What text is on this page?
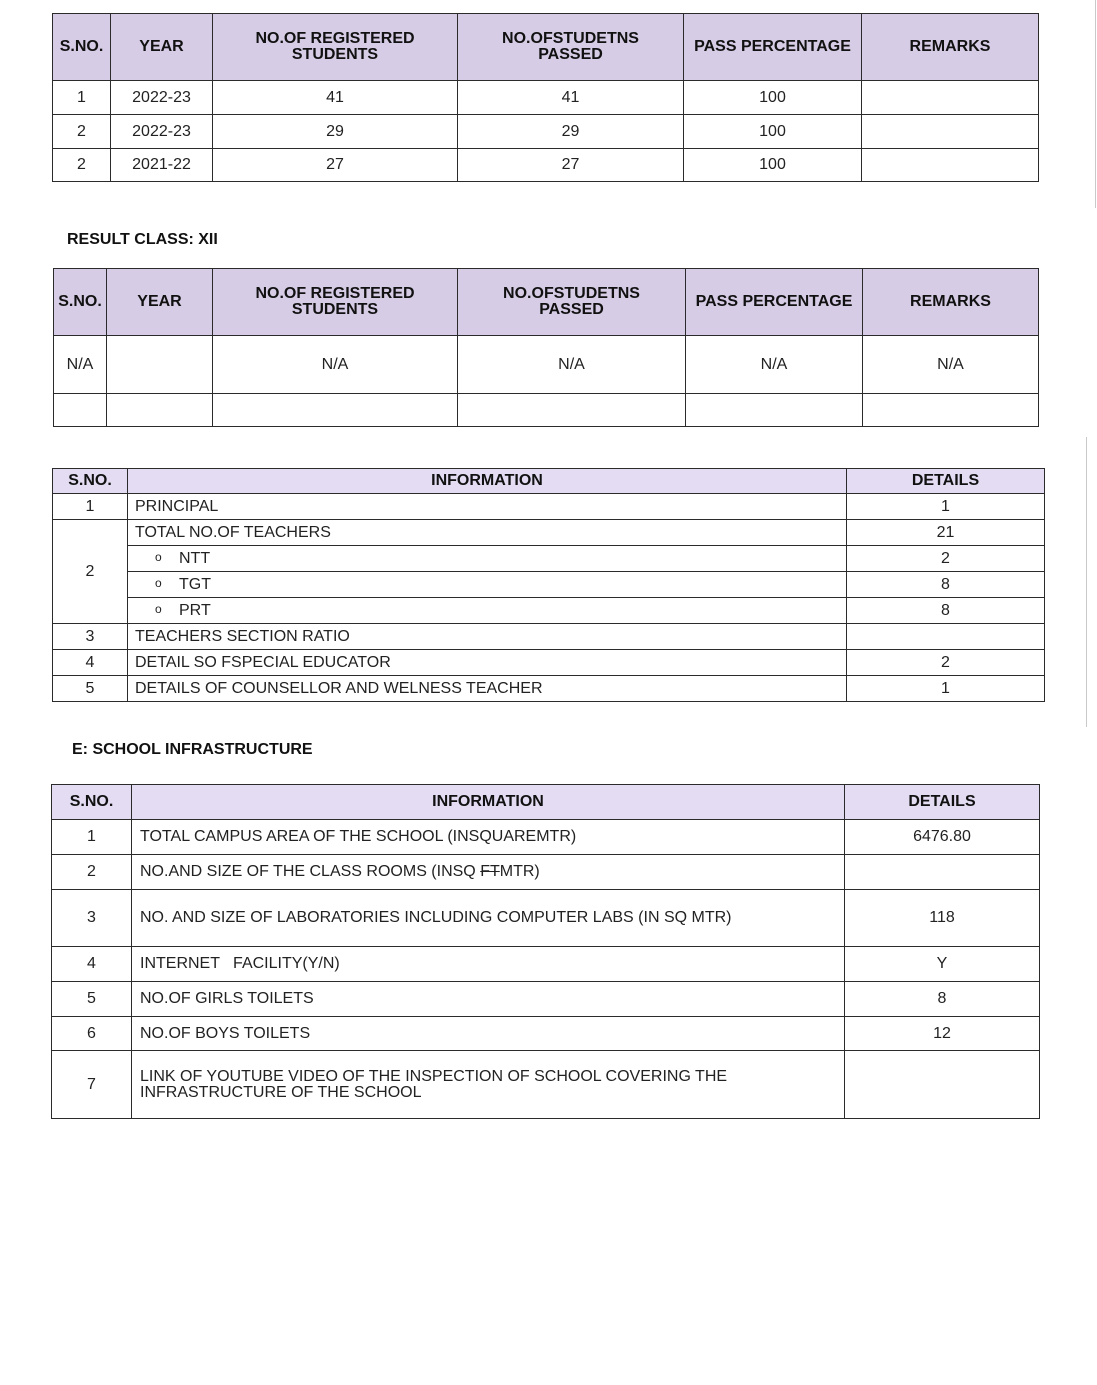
S.NO.	YEAR	NO.OF REGISTERED STUDENTS	NO.OFSTUDETNS PASSED	PASS PERCENTAGE	REMARKS
1	2022-23	41	41	100	
2	2022-23	29	29	100	
2	2021-22	27	27	100	
RESULT CLASS: XII
S.NO.	YEAR	NO.OF REGISTERED STUDENTS	NO.OFSTUDETNS PASSED	PASS PERCENTAGE	REMARKS
N/A		N/A	N/A	N/A	N/A

S.NO.	INFORMATION	DETAILS
1	PRINCIPAL	1
2	TOTAL NO.OF TEACHERS	21
	o NTT	2
	o TGT	8
	o PRT	8
3	TEACHERS SECTION RATIO	
4	DETAIL SO FSPECIAL EDUCATOR	2
5	DETAILS OF COUNSELLOR AND WELNESS TEACHER	1
E: SCHOOL INFRASTRUCTURE
S.NO.	INFORMATION	DETAILS
1	TOTAL CAMPUS AREA OF THE SCHOOL (INSQUAREMTR)	6476.80
2	NO.AND SIZE OF THE CLASS ROOMS (INSQ FTMTR)	
3	NO. AND SIZE OF LABORATORIES INCLUDING COMPUTER LABS (IN SQ MTR)	118
4	INTERNET   FACILITY(Y/N)	Y
5	NO.OF GIRLS TOILETS	8
6	NO.OF BOYS TOILETS	12
7	LINK OF YOUTUBE VIDEO OF THE INSPECTION OF SCHOOL COVERING THE INFRASTRUCTURE OF THE SCHOOL	
